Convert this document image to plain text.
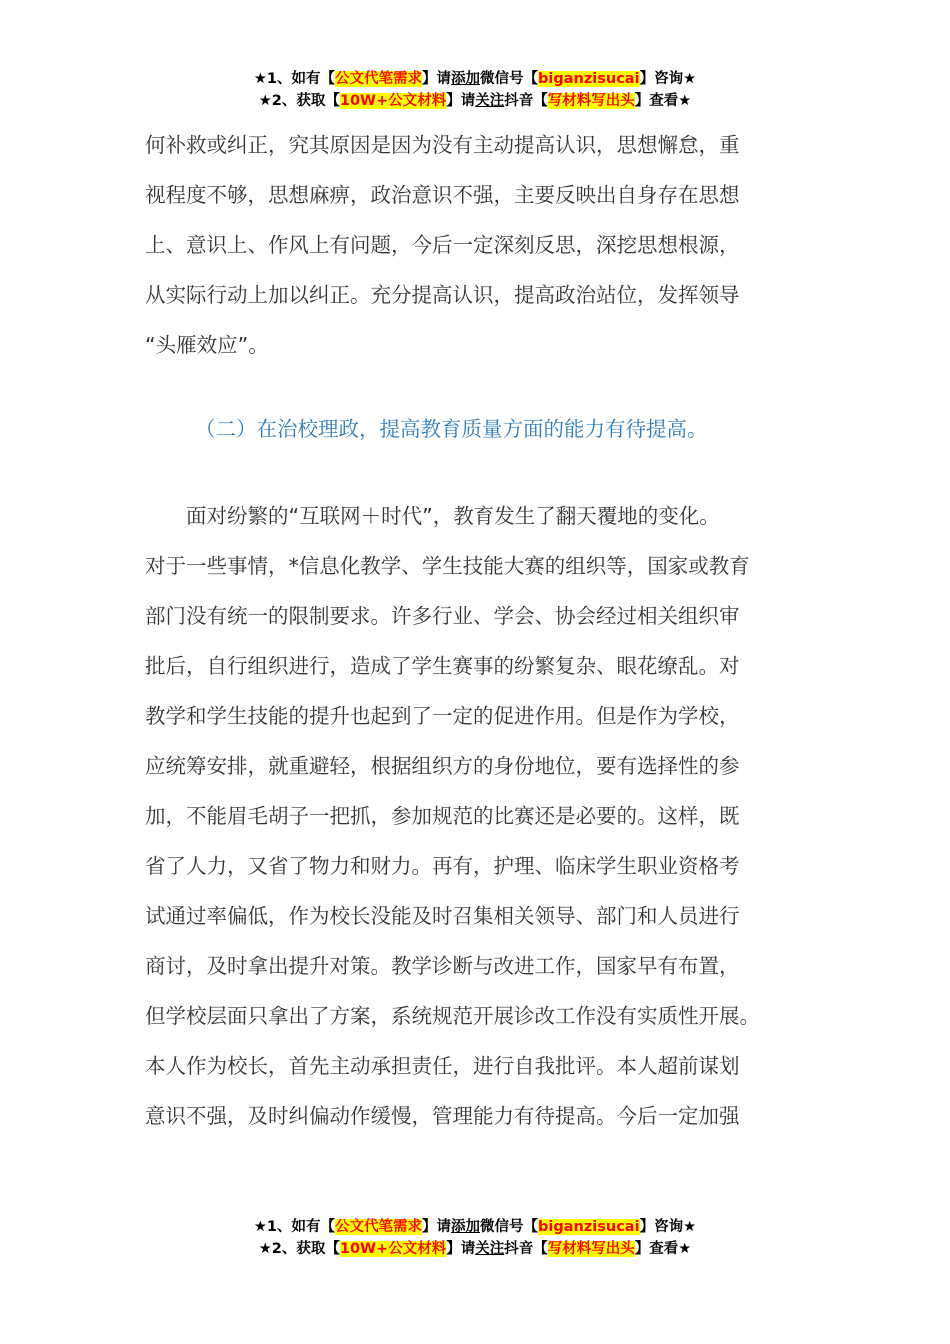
★1、如有【公文代笔需求】请添加微信号【biganzisucai】咨询★
★2、获取【10W+公文材料】请关注抖音【写材料写出头】查看★
何补救或纠正，究其原因是因为没有主动提高认识，思想懈怠，重
视程度不够，思想麻痹，政治意识不强，主要反映出自身存在思想
上、意识上、作风上有问题，今后一定深刻反思，深挖思想根源，
从实际行动上加以纠正。充分提高认识，提高政治站位，发挥领导
“头雁效应”。
（二）在治校理政，提高教育质量方面的能力有待提高。
　　面对纷繁的“互联网＋时代”，教育发生了翻天覆地的变化。
对于一些事情，*信息化教学、学生技能大赛的组织等，国家或教育
部门没有统一的限制要求。许多行业、学会、协会经过相关组织审
批后，自行组织进行，造成了学生赛事的纷繁复杂、眼花缭乱。对
教学和学生技能的提升也起到了一定的促进作用。但是作为学校，
应统筹安排，就重避轻，根据组织方的身份地位，要有选择性的参
加，不能眉毛胡子一把抓，参加规范的比赛还是必要的。这样，既
省了人力，又省了物力和财力。再有，护理、临床学生职业资格考
试通过率偏低，作为校长没能及时召集相关领导、部门和人员进行
商讨，及时拿出提升对策。教学诊断与改进工作，国家早有布置，
但学校层面只拿出了方案，系统规范开展诊改工作没有实质性开展。
本人作为校长，首先主动承担责任，进行自我批评。本人超前谋划
意识不强，及时纠偏动作缓慢，管理能力有待提高。今后一定加强
★1、如有【公文代笔需求】请添加微信号【biganzisucai】咨询★
★2、获取【10W+公文材料】请关注抖音【写材料写出头】查看★
